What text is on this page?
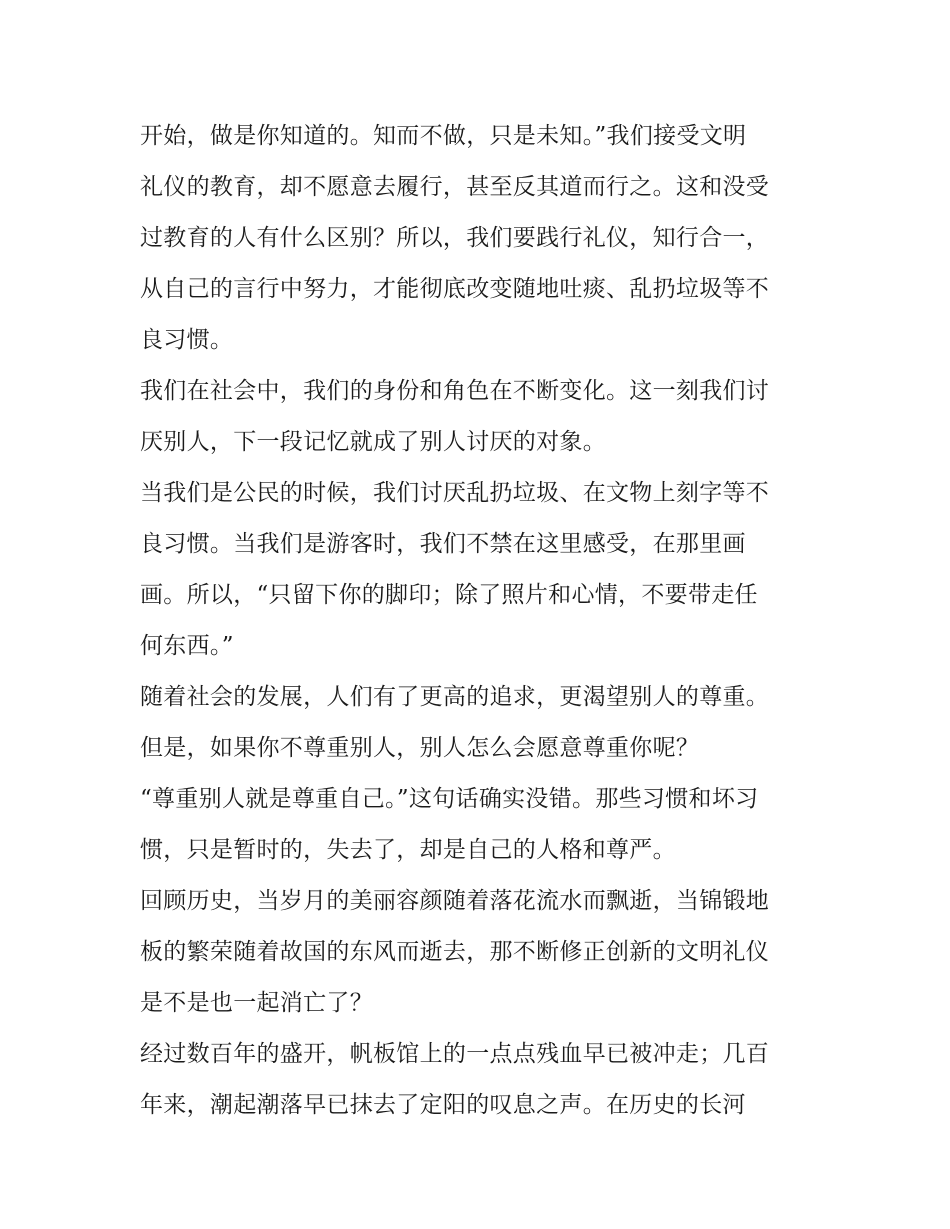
开始，做是你知道的。知而不做，只是未知。”我们接受文明
礼仪的教育，却不愿意去履行，甚至反其道而行之。这和没受
过教育的人有什么区别？所以，我们要践行礼仪，知行合一，
从自己的言行中努力，才能彻底改变随地吐痰、乱扔垃圾等不
良习惯。
我们在社会中，我们的身份和角色在不断变化。这一刻我们讨
厌别人，下一段记忆就成了别人讨厌的对象。
当我们是公民的时候，我们讨厌乱扔垃圾、在文物上刻字等不
良习惯。当我们是游客时，我们不禁在这里感受，在那里画
画。所以，“只留下你的脚印；除了照片和心情，不要带走任
何东西。”
随着社会的发展，人们有了更高的追求，更渴望别人的尊重。
但是，如果你不尊重别人，别人怎么会愿意尊重你呢？
“尊重别人就是尊重自己。”这句话确实没错。那些习惯和坏习
惯，只是暂时的，失去了，却是自己的人格和尊严。
回顾历史，当岁月的美丽容颜随着落花流水而飘逝，当锦锻地
板的繁荣随着故国的东风而逝去，那不断修正创新的文明礼仪
是不是也一起消亡了？
经过数百年的盛开，帆板馆上的一点点残血早已被冲走；几百
年来，潮起潮落早已抹去了定阳的叹息之声。在历史的长河
